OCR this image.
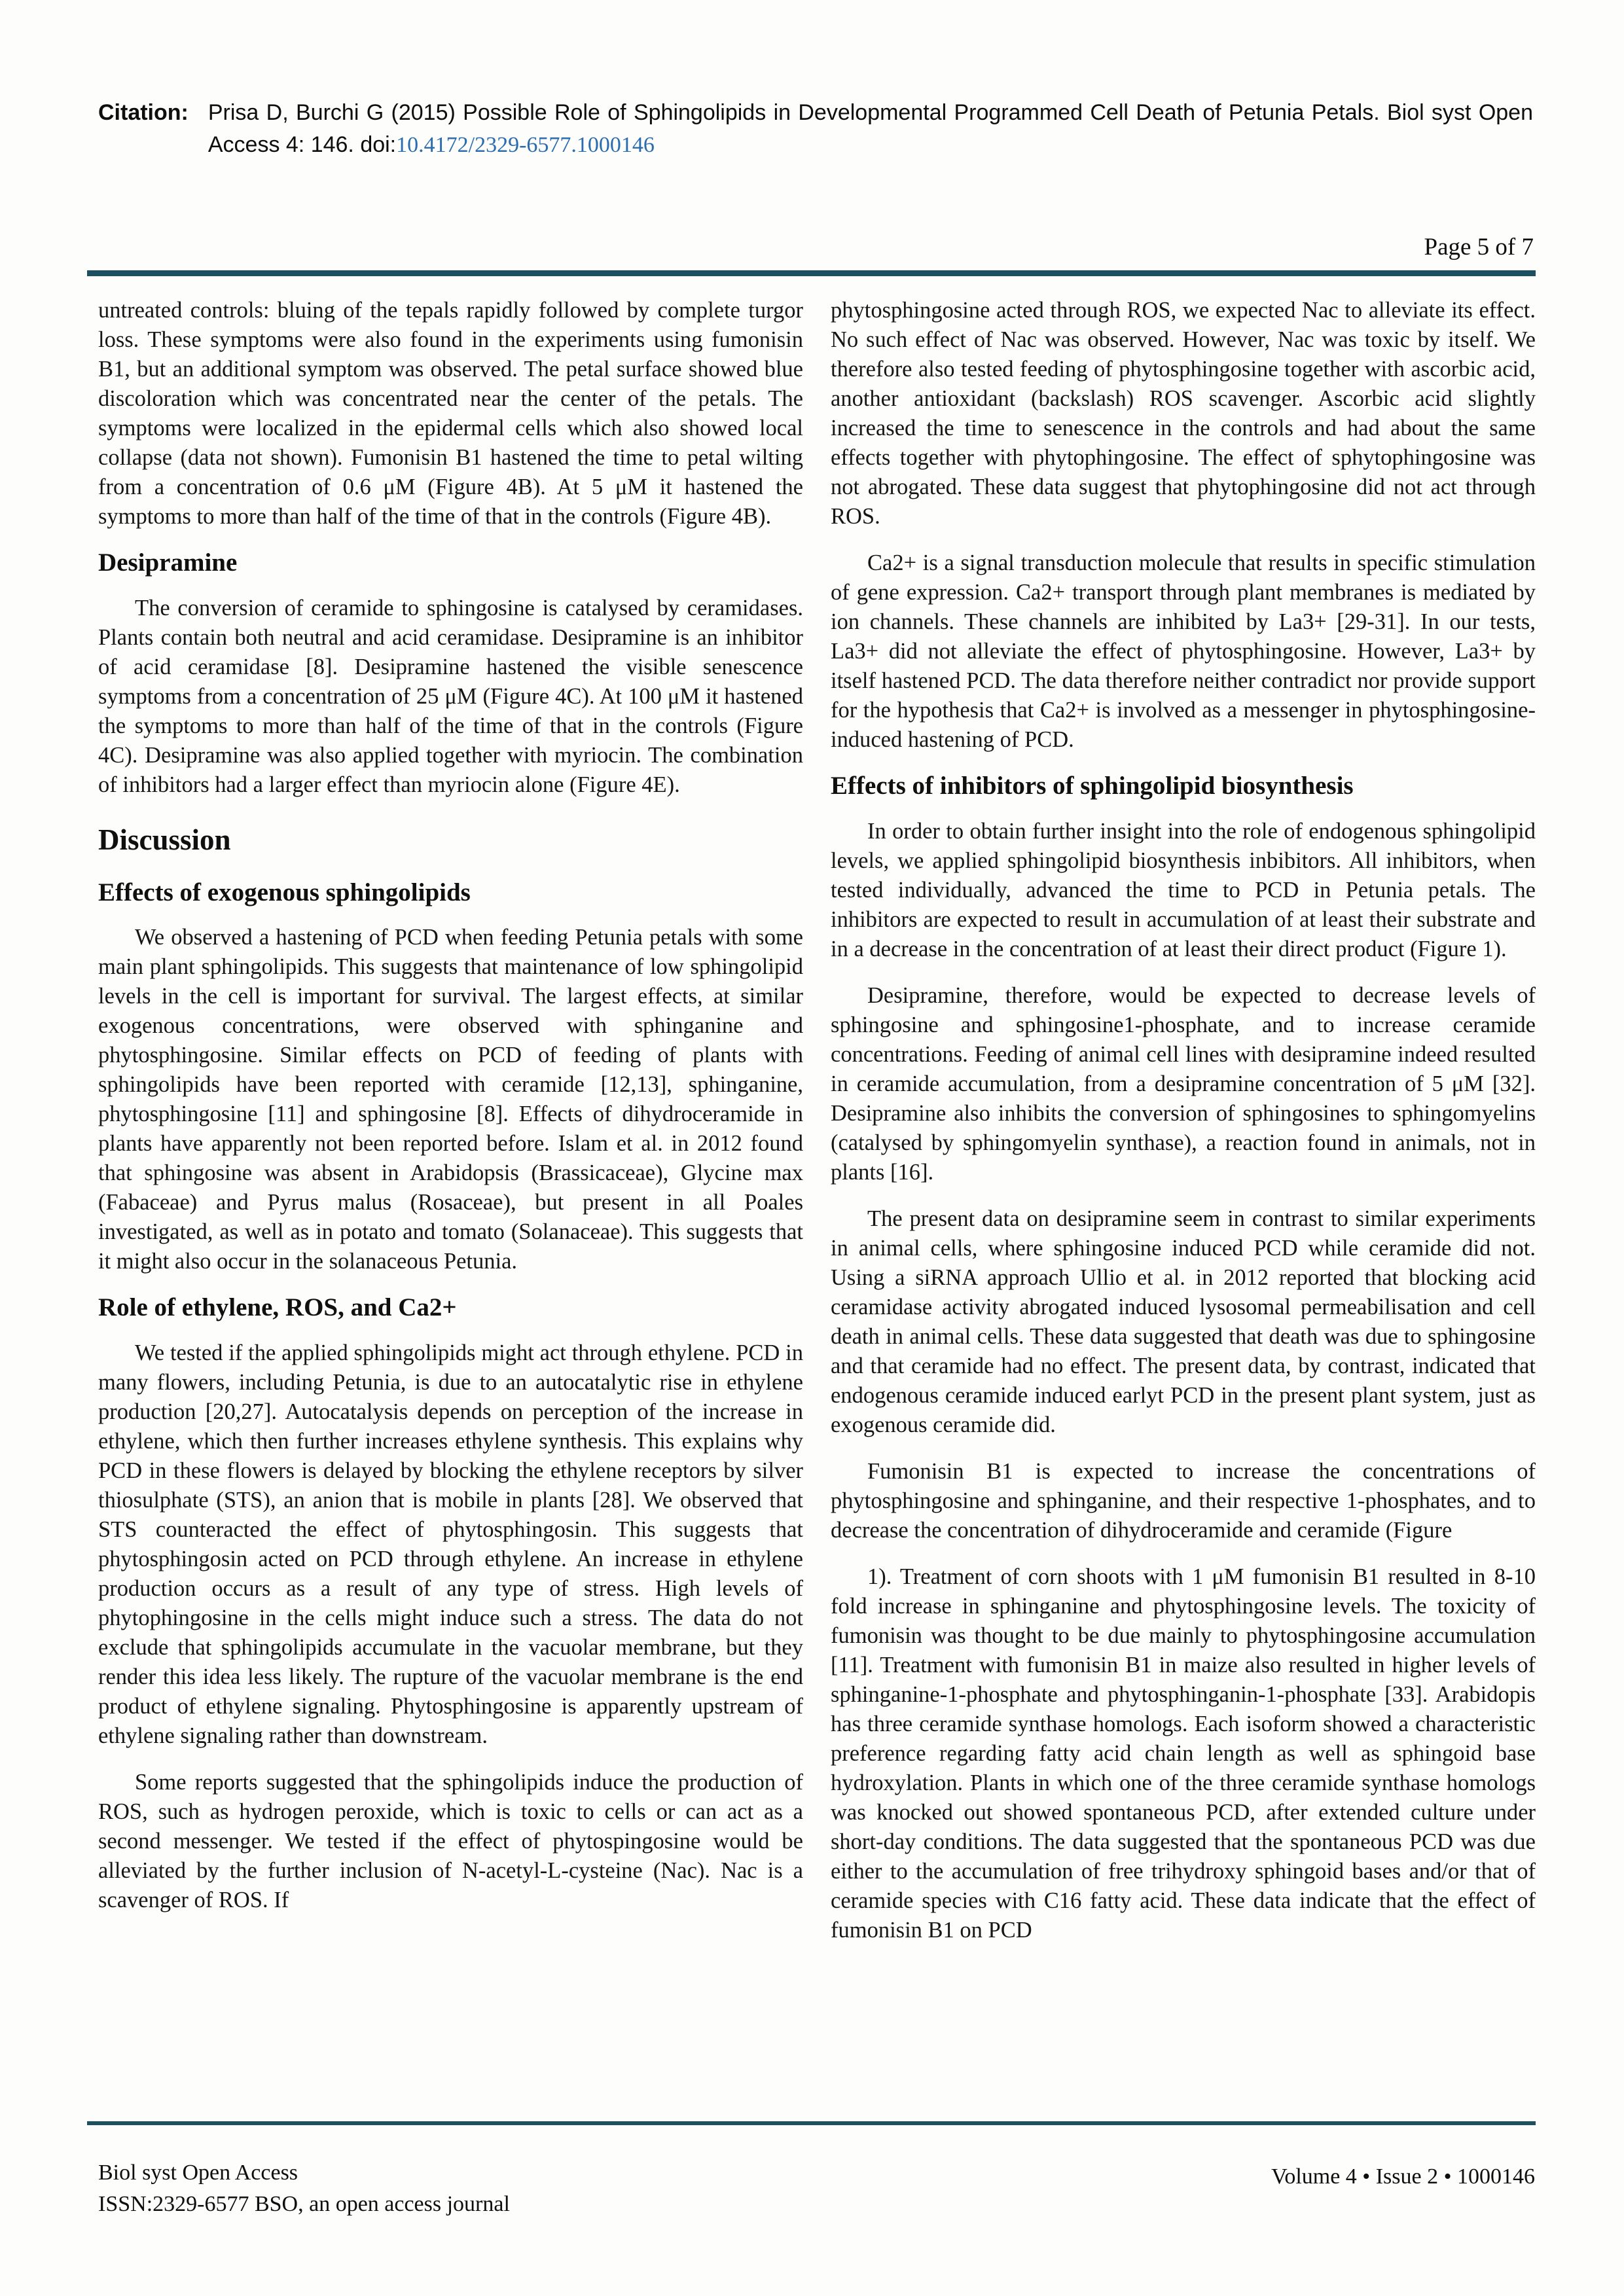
Citation: Prisa D, Burchi G (2015) Possible Role of Sphingolipids in Developmental Programmed Cell Death of Petunia Petals. Biol syst Open Access 4: 146. doi:10.4172/2329-6577.1000146
Page 5 of 7

untreated controls: bluing of the tepals rapidly followed by complete turgor loss. These symptoms were also found in the experiments using fumonisin B1, but an additional symptom was observed. The petal surface showed blue discoloration which was concentrated near the center of the petals. The symptoms were localized in the epidermal cells which also showed local collapse (data not shown). Fumonisin B1 hastened the time to petal wilting from a concentration of 0.6 μM (Figure 4B). At 5 μM it hastened the symptoms to more than half of the time of that in the controls (Figure 4B).

Desipramine

The conversion of ceramide to sphingosine is catalysed by ceramidases. Plants contain both neutral and acid ceramidase. Desipramine is an inhibitor of acid ceramidase [8]. Desipramine hastened the visible senescence symptoms from a concentration of 25 μM (Figure 4C). At 100 μM it hastened the symptoms to more than half of the time of that in the controls (Figure 4C). Desipramine was also applied together with myriocin. The combination of inhibitors had a larger effect than myriocin alone (Figure 4E).

Discussion
Effects of exogenous sphingolipids

We observed a hastening of PCD when feeding Petunia petals with some main plant sphingolipids. This suggests that maintenance of low sphingolipid levels in the cell is important for survival. The largest effects, at similar exogenous concentrations, were observed with sphinganine and phytosphingosine. Similar effects on PCD of feeding of plants with sphingolipids have been reported with ceramide [12,13], sphinganine, phytosphingosine [11] and sphingosine [8]. Effects of dihydroceramide in plants have apparently not been reported before. Islam et al. in 2012 found that sphingosine was absent in Arabidopsis (Brassicaceae), Glycine max (Fabaceae) and Pyrus malus (Rosaceae), but present in all Poales investigated, as well as in potato and tomato (Solanaceae). This suggests that it might also occur in the solanaceous Petunia.

Role of ethylene, ROS, and Ca2+

We tested if the applied sphingolipids might act through ethylene. PCD in many flowers, including Petunia, is due to an autocatalytic rise in ethylene production [20,27]. Autocatalysis depends on perception of the increase in ethylene, which then further increases ethylene synthesis. This explains why PCD in these flowers is delayed by blocking the ethylene receptors by silver thiosulphate (STS), an anion that is mobile in plants [28]. We observed that STS counteracted the effect of phytosphingosin. This suggests that phytosphingosin acted on PCD through ethylene. An increase in ethylene production occurs as a result of any type of stress. High levels of phytophingosine in the cells might induce such a stress. The data do not exclude that sphingolipids accumulate in the vacuolar membrane, but they render this idea less likely. The rupture of the vacuolar membrane is the end product of ethylene signaling. Phytosphingosine is apparently upstream of ethylene signaling rather than downstream.

Some reports suggested that the sphingolipids induce the production of ROS, such as hydrogen peroxide, which is toxic to cells or can act as a second messenger. We tested if the effect of phytospingosine would be alleviated by the further inclusion of N-acetyl-L-cysteine (Nac). Nac is a scavenger of ROS. If

phytosphingosine acted through ROS, we expected Nac to alleviate its effect. No such effect of Nac was observed. However, Nac was toxic by itself. We therefore also tested feeding of phytosphingosine together with ascorbic acid, another antioxidant (backslash) ROS scavenger. Ascorbic acid slightly increased the time to senescence in the controls and had about the same effects together with phytophingosine. The effect of sphytophingosine was not abrogated. These data suggest that phytophingosine did not act through ROS.

Ca2+ is a signal transduction molecule that results in specific stimulation of gene expression. Ca2+ transport through plant membranes is mediated by ion channels. These channels are inhibited by La3+ [29-31]. In our tests, La3+ did not alleviate the effect of phytosphingosine. However, La3+ by itself hastened PCD. The data therefore neither contradict nor provide support for the hypothesis that Ca2+ is involved as a messenger in phytosphingosine-induced hastening of PCD.

Effects of inhibitors of sphingolipid biosynthesis

In order to obtain further insight into the role of endogenous sphingolipid levels, we applied sphingolipid biosynthesis inbibitors. All inhibitors, when tested individually, advanced the time to PCD in Petunia petals. The inhibitors are expected to result in accumulation of at least their substrate and in a decrease in the concentration of at least their direct product (Figure 1).

Desipramine, therefore, would be expected to decrease levels of sphingosine and sphingosine1-phosphate, and to increase ceramide concentrations. Feeding of animal cell lines with desipramine indeed resulted in ceramide accumulation, from a desipramine concentration of 5 μM [32]. Desipramine also inhibits the conversion of sphingosines to sphingomyelins (catalysed by sphingomyelin synthase), a reaction found in animals, not in plants [16].

The present data on desipramine seem in contrast to similar experiments in animal cells, where sphingosine induced PCD while ceramide did not. Using a siRNA approach Ullio et al. in 2012 reported that blocking acid ceramidase activity abrogated induced lysosomal permeabilisation and cell death in animal cells. These data suggested that death was due to sphingosine and that ceramide had no effect. The present data, by contrast, indicated that endogenous ceramide induced earlyt PCD in the present plant system, just as exogenous ceramide did.

Fumonisin B1 is expected to increase the concentrations of phytosphingosine and sphinganine, and their respective 1-phosphates, and to decrease the concentration of dihydroceramide and ceramide (Figure

1). Treatment of corn shoots with 1 μM fumonisin B1 resulted in 8-10 fold increase in sphinganine and phytosphingosine levels. The toxicity of fumonisin was thought to be due mainly to phytosphingosine accumulation [11]. Treatment with fumonisin B1 in maize also resulted in higher levels of sphinganine-1-phosphate and phytosphinganin-1-phosphate [33]. Arabidopis has three ceramide synthase homologs. Each isoform showed a characteristic preference regarding fatty acid chain length as well as sphingoid base hydroxylation. Plants in which one of the three ceramide synthase homologs was knocked out showed spontaneous PCD, after extended culture under short-day conditions. The data suggested that the spontaneous PCD was due either to the accumulation of free trihydroxy sphingoid bases and/or that of ceramide species with C16 fatty acid. These data indicate that the effect of fumonisin B1 on PCD

Biol syst Open Access
ISSN:2329-6577 BSO, an open access journal
Volume 4 • Issue 2 • 1000146
